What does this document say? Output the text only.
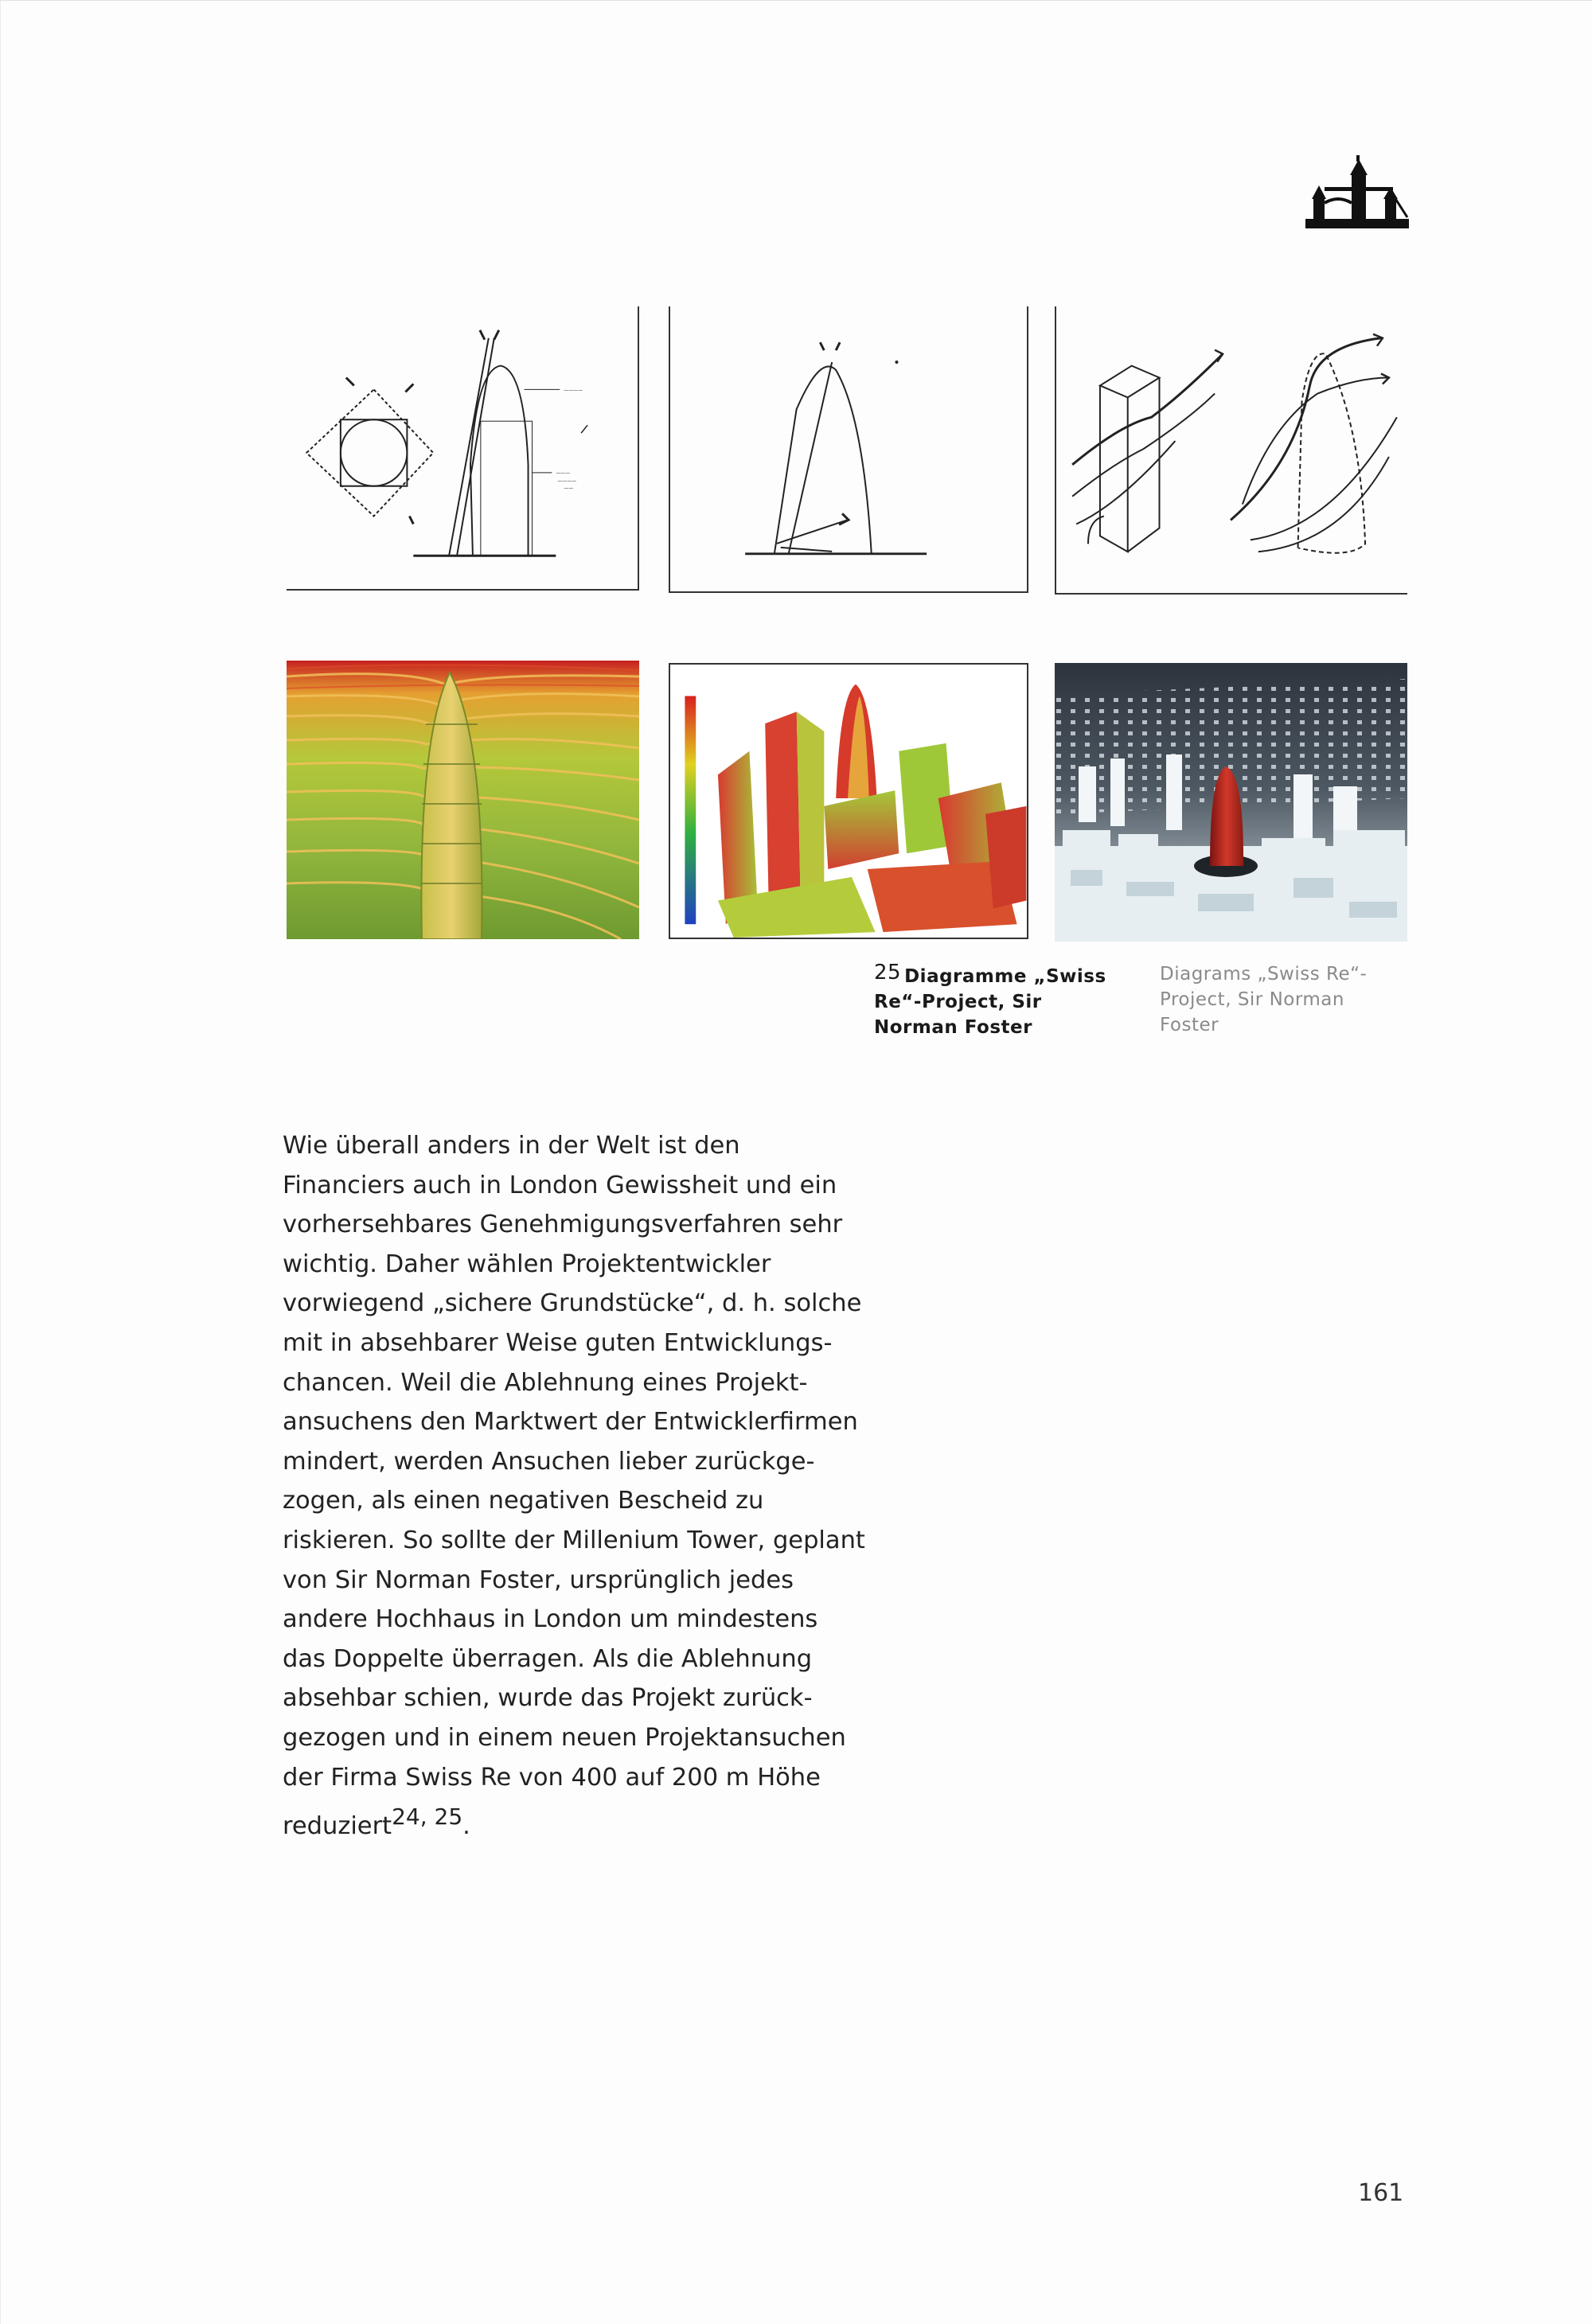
————
———
————
——
$^{25}$ Diagramme „Swiss Re“-Project, Sir Norman Foster
Diagrams „Swiss Re“-Project, Sir Norman Foster

Wie überall anders in der Welt ist den

Financiers auch in London Gewissheit und ein

vorhersehbares Genehmigungsverfahren sehr

wichtig. Daher wählen Projektentwickler

vorwiegend „sichere Grundstücke“, d. h. solche

mit in absehbarer Weise guten Entwicklungs-

chancen. Weil die Ablehnung eines Projekt-

ansuchens den Marktwert der Entwicklerfirmen

mindert, werden Ansuchen lieber zurückge-

zogen, als einen negativen Bescheid zu

riskieren. So sollte der Millenium Tower, geplant

von Sir Norman Foster, ursprünglich jedes

andere Hochhaus in London um mindestens

das Doppelte überragen. Als die Ablehnung

absehbar schien, wurde das Projekt zurück-

gezogen und in einem neuen Projektansuchen

der Firma Swiss Re von 400 auf 200 m Höhe

reduziert$^{24, 25}$.

161
